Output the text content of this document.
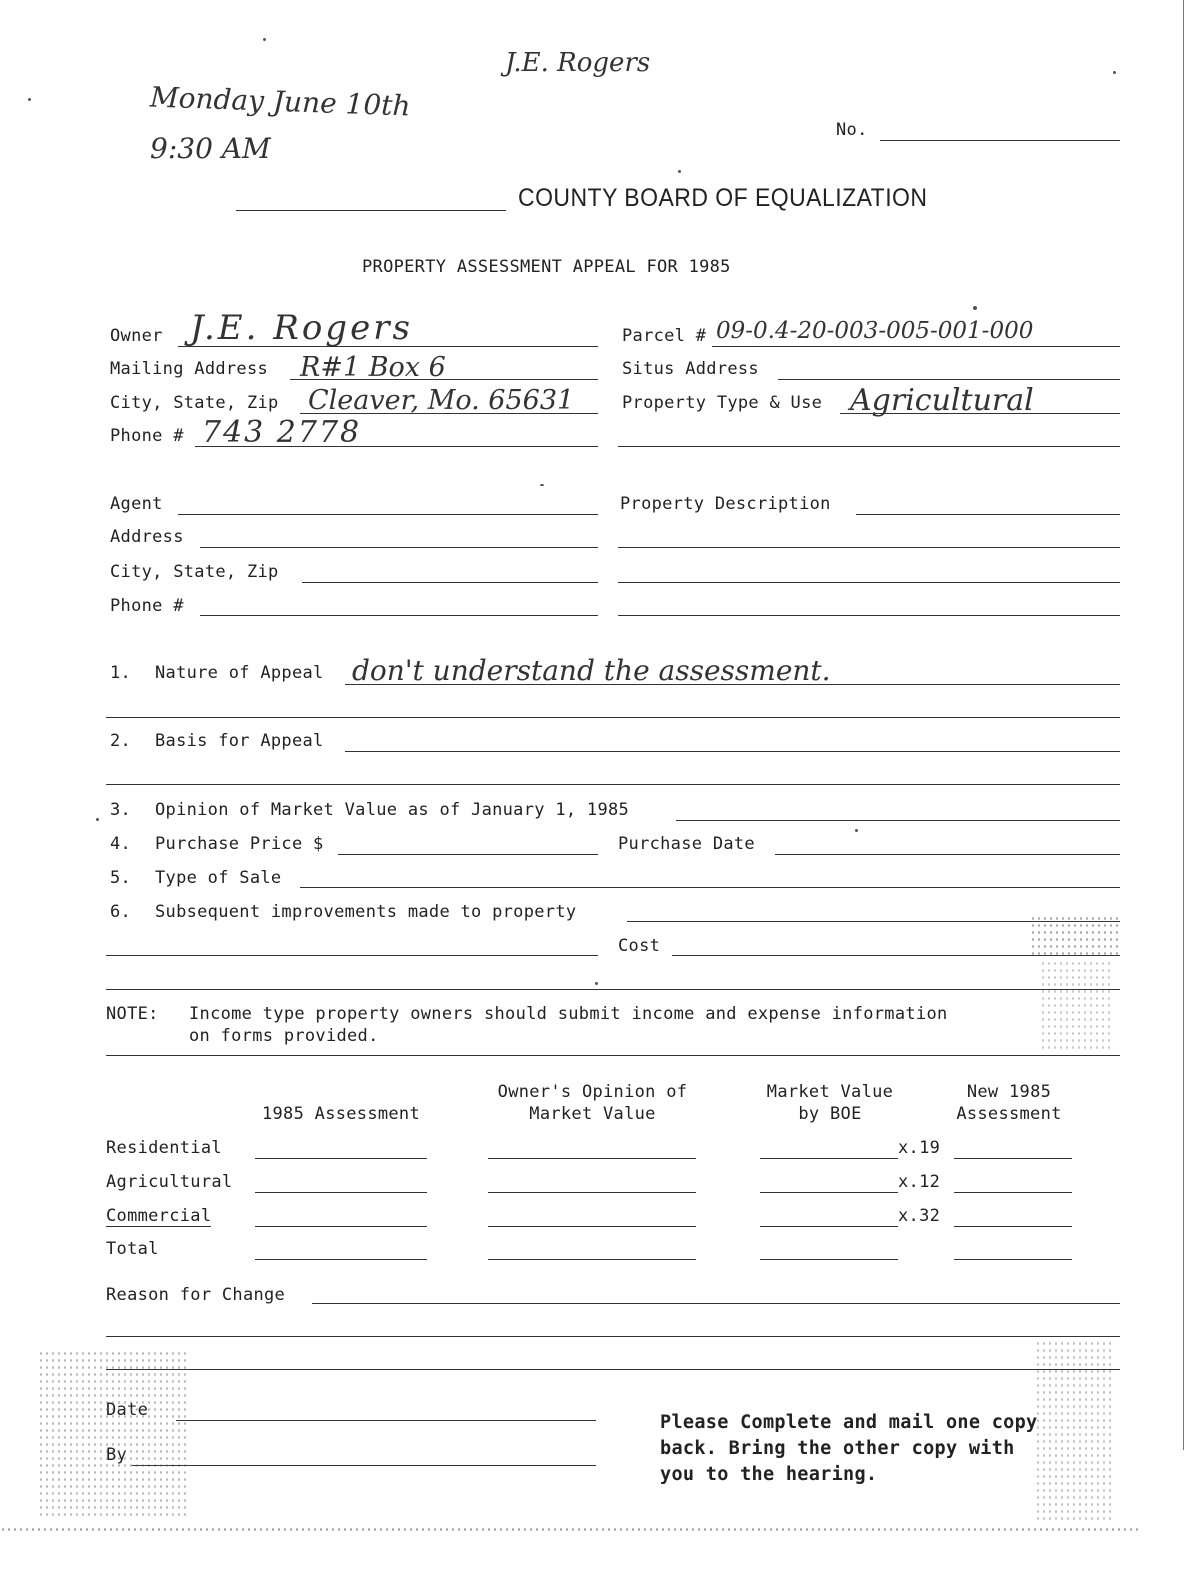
J.E. Rogers
Monday June 10th
9:30 AM
No.
COUNTY BOARD OF EQUALIZATION
PROPERTY ASSESSMENT APPEAL FOR 1985
Owner J.E. Rogers
Mailing Address R#1 Box 6
City, State, Zip Cleaver, Mo. 65631
Phone # 743 2778
Parcel # 09-0.4-20-003-005-001-000
Situs Address
Property Type & Use Agricultural
Agent
Address
City, State, Zip
Phone #
Property Description
1. Nature of Appeal don't understand the assessment.
2. Basis for Appeal
3. Opinion of Market Value as of January 1, 1985
4. Purchase Price $	Purchase Date
5. Type of Sale
6. Subsequent improvements made to property
Cost
NOTE: Income type property owners should submit income and expense information
on forms provided.
1985 Assessment
Owner's Opinion of
Market Value
Market Value
by BOE
New 1985
Assessment
Residential
Agricultural
Commercial
Total
x.19
x.12
x.32
Reason for Change
Date
By
Please Complete and mail one copy
back. Bring the other copy with
you to the hearing.
